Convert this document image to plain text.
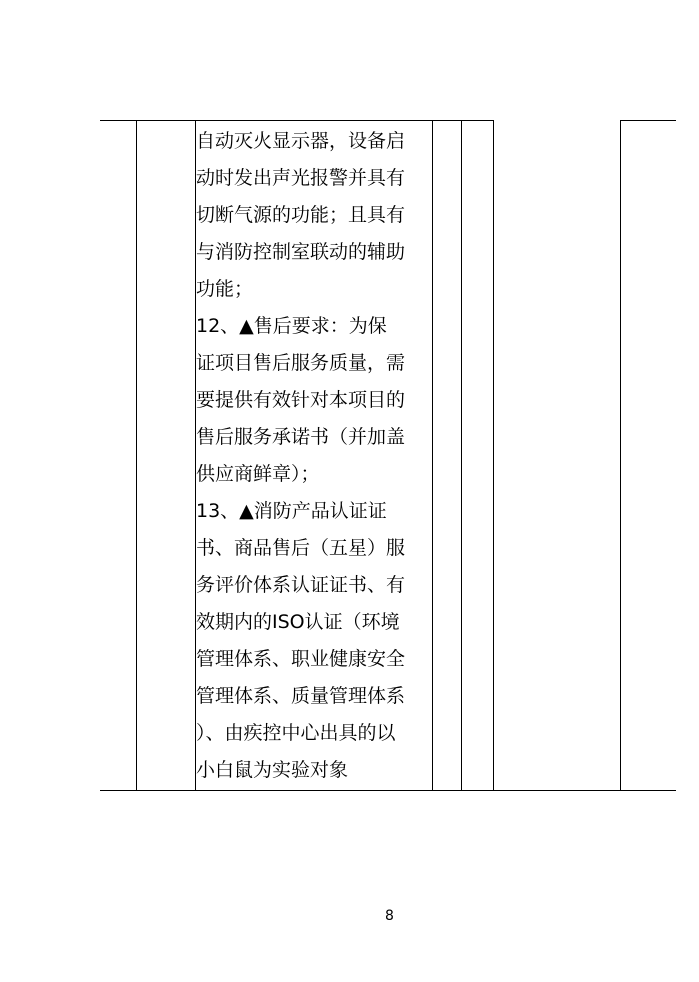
自动灭火显示器，设备启
动时发出声光报警并具有
切断气源的功能；且具有
与消防控制室联动的辅助
功能；
12、▲售后要求：为保
证项目售后服务质量，需
要提供有效针对本项目的
售后服务承诺书（并加盖
供应商鲜章）；
13、▲消防产品认证证
书、商品售后（五星）服
务评价体系认证证书、有
效期内的ISO认证（环境
管理体系、职业健康安全
管理体系、质量管理体系
）、由疾控中心出具的以
小白鼠为实验对象
8
